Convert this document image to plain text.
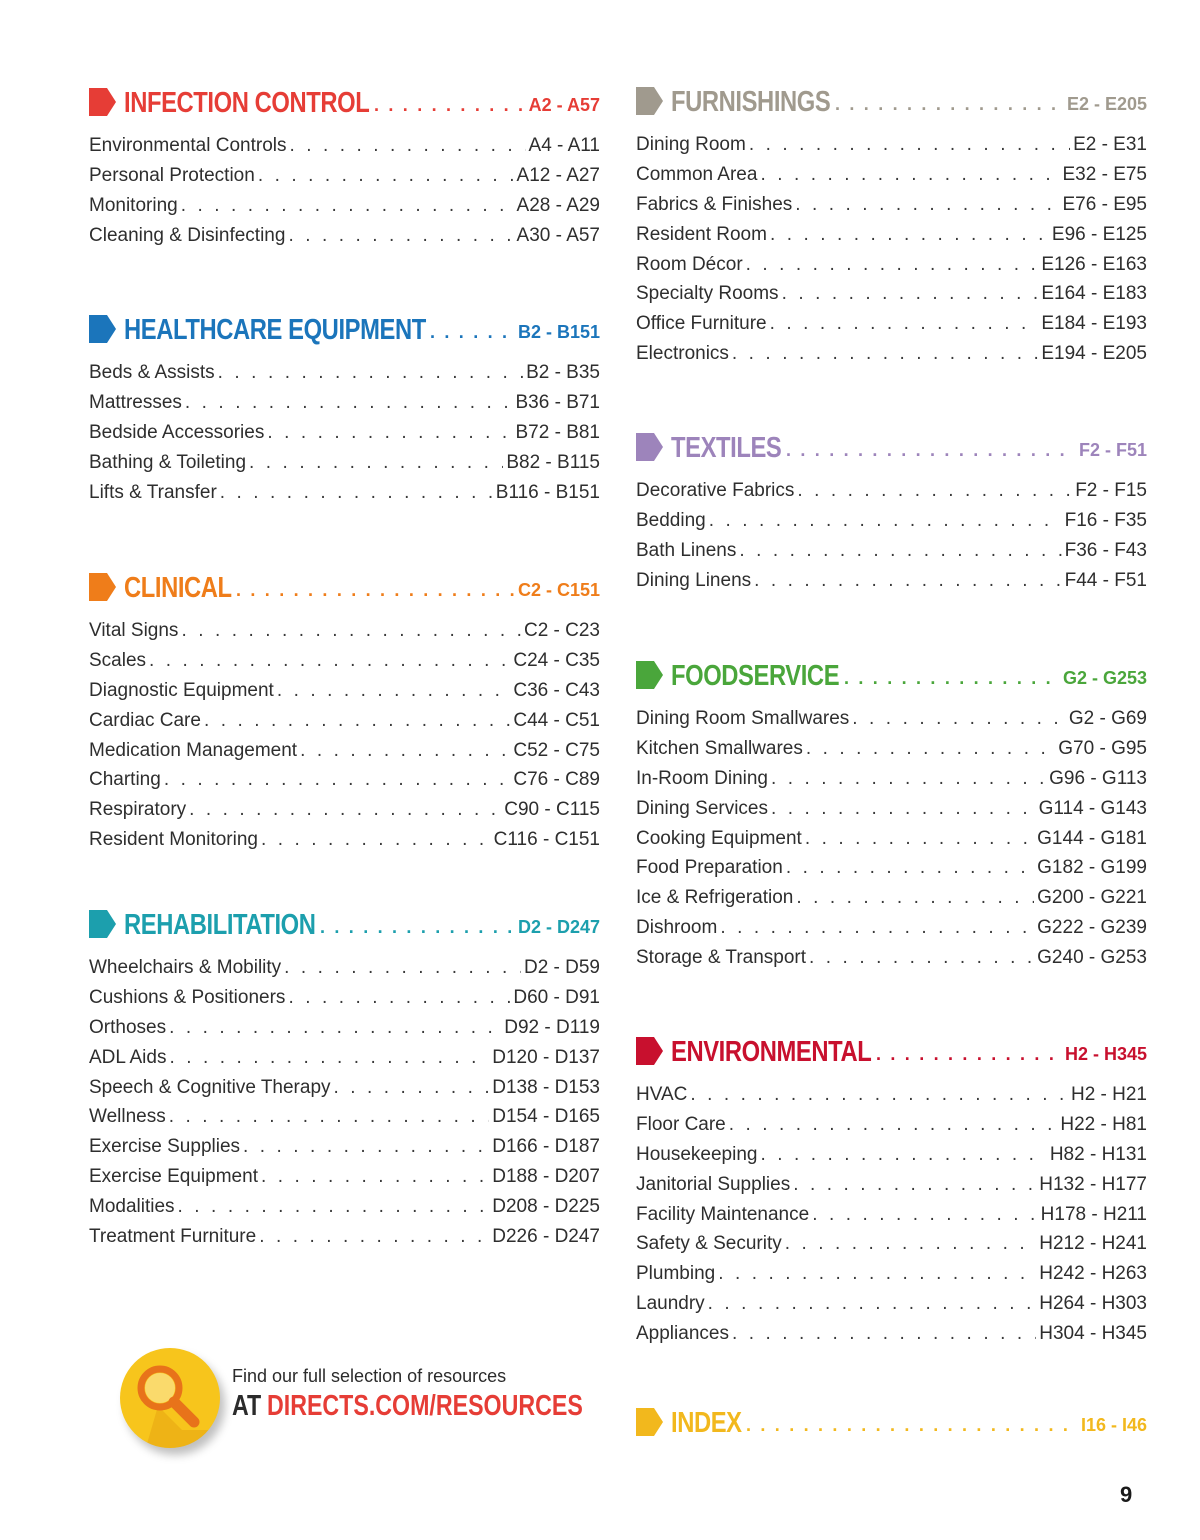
INFECTION CONTROL . . .	A2 - A57
Environmental Controls . . .	A4 - A11
Personal Protection . . .	A12 - A27
Monitoring . . .	A28 - A29
Cleaning & Disinfecting . . .	A30 - A57
HEALTHCARE EQUIPMENT . . .	B2 - B151
Beds & Assists . . .	B2 - B35
Mattresses . . .	B36 - B71
Bedside Accessories . . .	B72 - B81
Bathing & Toileting . . .	B82 - B115
Lifts & Transfer . . .	B116 - B151
CLINICAL . . .	C2 - C151
Vital Signs . . .	C2 - C23
Scales . . .	C24 - C35
Diagnostic Equipment . . .	C36 - C43
Cardiac Care . . .	C44 - C51
Medication Management . . .	C52 - C75
Charting . . .	C76 - C89
Respiratory . . .	C90 - C115
Resident Monitoring . . .	C116 - C151
REHABILITATION . . .	D2 - D247
Wheelchairs & Mobility . . .	D2 - D59
Cushions & Positioners . . .	D60 - D91
Orthoses . . .	D92 - D119
ADL Aids . . .	D120 - D137
Speech & Cognitive Therapy . . .	D138 - D153
Wellness . . .	D154 - D165
Exercise Supplies . . .	D166 - D187
Exercise Equipment . . .	D188 - D207
Modalities . . .	D208 - D225
Treatment Furniture . . .	D226 - D247
FURNISHINGS . . .	E2 - E205
Dining Room . . .	E2 - E31
Common Area . . .	E32 - E75
Fabrics & Finishes . . .	E76 - E95
Resident Room . . .	E96 - E125
Room Décor . . .	E126 - E163
Specialty Rooms . . .	E164 - E183
Office Furniture . . .	E184 - E193
Electronics . . .	E194 - E205
TEXTILES . . .	F2 - F51
Decorative Fabrics . . .	F2 - F15
Bedding . . .	F16 - F35
Bath Linens . . .	F36 - F43
Dining Linens . . .	F44 - F51
FOODSERVICE . . .	G2 - G253
Dining Room Smallwares . . .	G2 - G69
Kitchen Smallwares . . .	G70 - G95
In-Room Dining . . .	G96 - G113
Dining Services . . .	G114 - G143
Cooking Equipment . . .	G144 - G181
Food Preparation . . .	G182 - G199
Ice & Refrigeration . . .	G200 - G221
Dishroom . . .	G222 - G239
Storage & Transport . . .	G240 - G253
ENVIRONMENTAL . . .	H2 - H345
HVAC . . .	H2 - H21
Floor Care . . .	H22 - H81
Housekeeping . . .	H82 - H131
Janitorial Supplies . . .	H132 - H177
Facility Maintenance . . .	H178 - H211
Safety & Security . . .	H212 - H241
Plumbing . . .	H242 - H263
Laundry . . .	H264 - H303
Appliances . . .	H304 - H345
INDEX . . .	I16 - I46
Find our full selection of resources
AT DIRECTS.COM/RESOURCES
9
